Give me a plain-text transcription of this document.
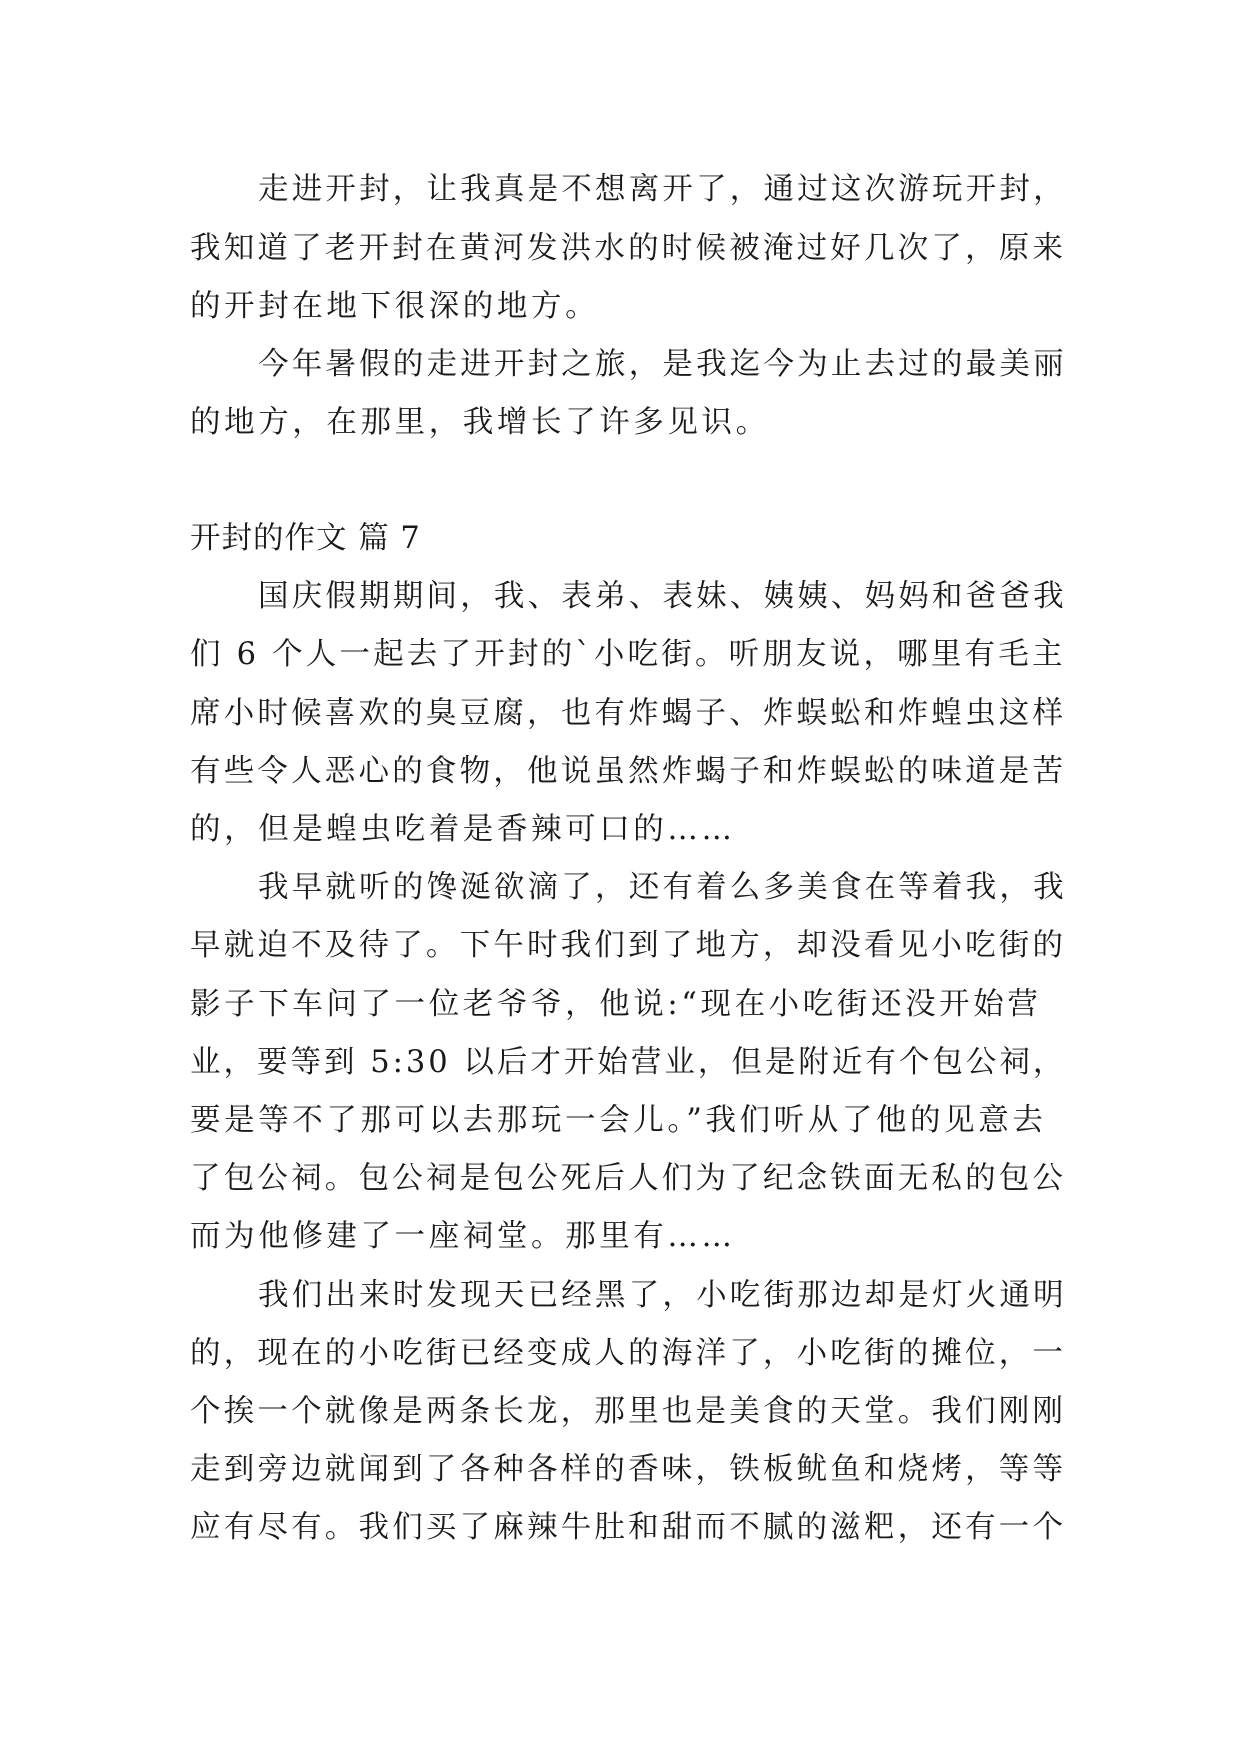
走进开封，让我真是不想离开了，通过这次游玩开封，
我知道了老开封在黄河发洪水的时候被淹过好几次了，原来
的开封在地下很深的地方。
今年暑假的走进开封之旅，是我迄今为止去过的最美丽
的地方，在那里，我增长了许多见识。
开封的作文 篇 7
国庆假期期间，我、表弟、表妹、姨姨、妈妈和爸爸我
们 6 个人一起去了开封的`小吃街。听朋友说，哪里有毛主
席小时候喜欢的臭豆腐，也有炸蝎子、炸蜈蚣和炸蝗虫这样
有些令人恶心的食物，他说虽然炸蝎子和炸蜈蚣的味道是苦
的，但是蝗虫吃着是香辣可口的……
我早就听的馋涎欲滴了，还有着么多美食在等着我，我
早就迫不及待了。下午时我们到了地方，却没看见小吃街的
影子下车问了一位老爷爷，他说:“现在小吃街还没开始营
业，要等到 5:30 以后才开始营业，但是附近有个包公祠，
要是等不了那可以去那玩一会儿。”我们听从了他的见意去
了包公祠。包公祠是包公死后人们为了纪念铁面无私的包公
而为他修建了一座祠堂。那里有……
我们出来时发现天已经黑了，小吃街那边却是灯火通明
的，现在的小吃街已经变成人的海洋了，小吃街的摊位，一
个挨一个就像是两条长龙，那里也是美食的天堂。我们刚刚
走到旁边就闻到了各种各样的香味，铁板鱿鱼和烧烤，等等
应有尽有。我们买了麻辣牛肚和甜而不腻的滋粑，还有一个
